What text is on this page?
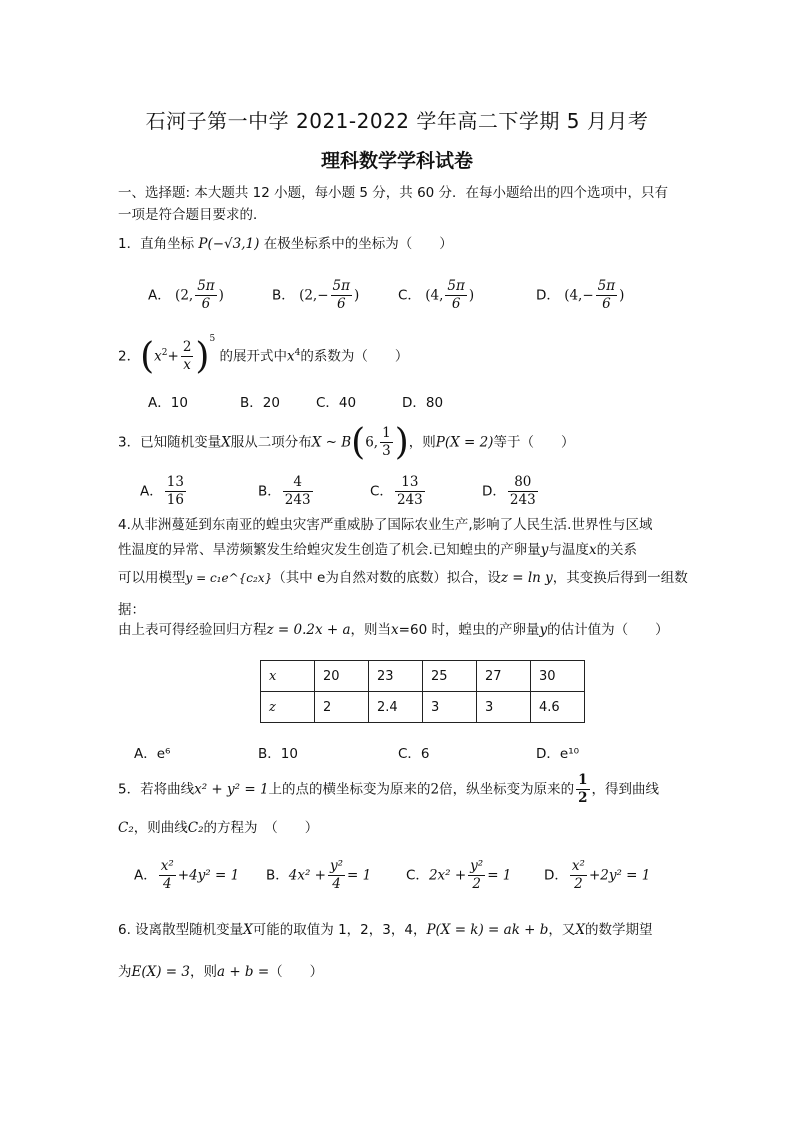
石河子第一中学 2021-2022 学年高二下学期 5 月月考
理科数学学科试卷
一、选择题: 本大题共 12 小题，每小题 5 分，共 60 分．在每小题给出的四个选项中，只有
一项是符合题目要求的．
1．直角坐标 P(−√3,1) 在极坐标系中的坐标为（　　）
A． (2, $\frac{5\pi}{6}$ )	B． ($2,- \frac{5\pi}{6}$ )	C． (4, $\frac{5\pi}{6}$ )	D． ($4,- \frac{5\pi}{6}$ )
2．$(x^2+ \frac{2}{x} )^5$ 的展开式中$x^4$的系数为（　　）
A．10	B．20	C．40	D．80
3．已知随机变量X服从二项分布X ~ B(6, $\frac{1}{3}$ )，则P(X = 2)等于（　　）
A． $\frac{13}{16}$	B． $\frac{4}{243}$	C． $\frac{13}{243}$	D． $\frac{80}{243}$
4.从非洲蔓延到东南亚的蝗虫灾害严重威胁了国际农业生产,影响了人民生活.世界性与区域
性温度的异常、旱涝频繁发生给蝗灾发生创造了机会.已知蝗虫的产卵量y与温度x的关系
可以用模型y = c₁e^{c₂x}（其中 e为自然对数的底数）拟合，设z = ln y，其变换后得到一组数
据：
由上表可得经验回归方程z = 0.2x + a，则当x=60 时，蝗虫的产卵量y的估计值为（　　）
x	20	23	25	27	30
z	2	2.4	3	3	4.6
A．e⁶	B．10	C．6	D．e¹⁰
5．若将曲线x² + y² = 1上的点的横坐标变为原来的2倍，纵坐标变为原来的 $\frac{1}{2}$ ，得到曲线
C₂，则曲线C₂的方程为　（　　）
A． $\frac{\text{x²}}{4} +4y^2 = 1$ B．$4x^2 + \frac{\text{y²}}{4} = 1$	C．$2x^2 + \frac{\text{y²}}{2} = 1$ D． $\frac{\text{x²}}{2} +2y^2 = 1$
6. 设离散型随机变量X可能的取值为 1，2，3，4，P(X = k) = ak + b，又X的数学期望
为E(X) = 3，则a + b =（　　）
